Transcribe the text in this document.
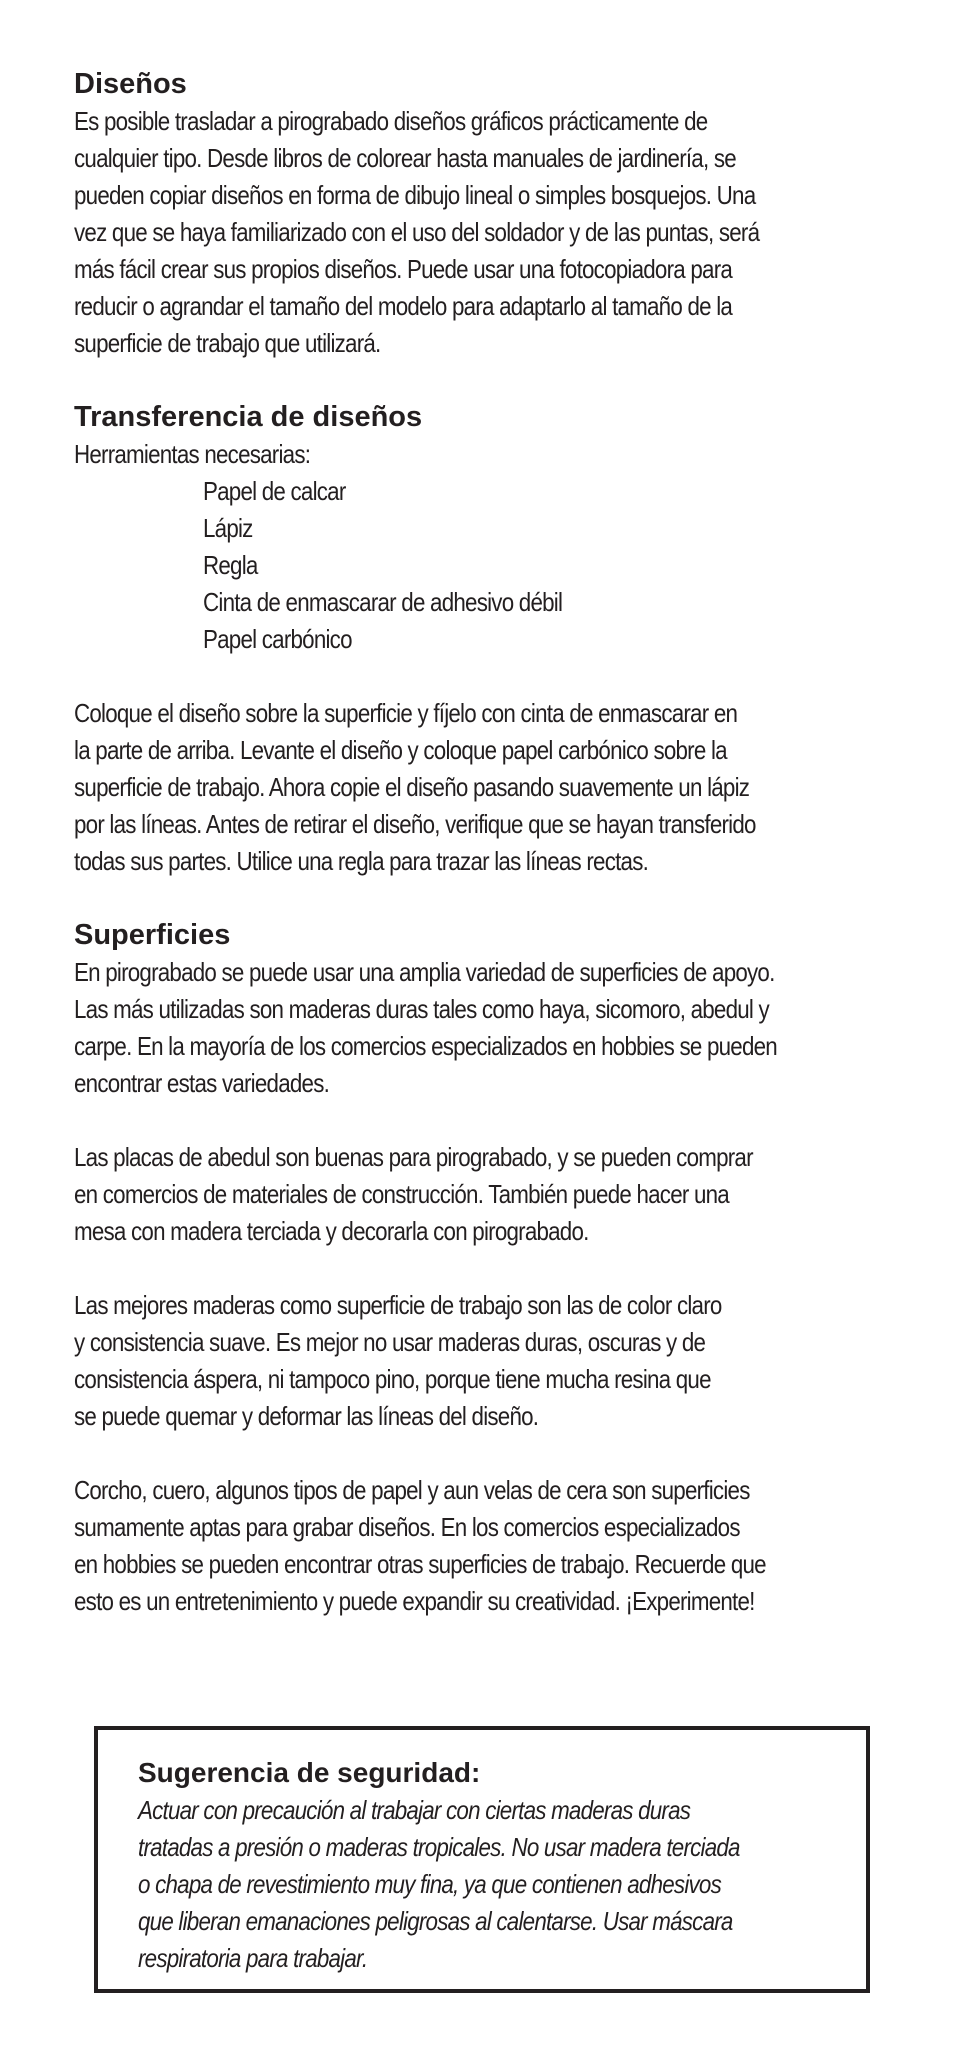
Diseños

Es posible trasladar a pirograbado diseños gráficos prácticamente de
cualquier tipo. Desde libros de colorear hasta manuales de jardinería, se
pueden copiar diseños en forma de dibujo lineal o simples bosquejos. Una
vez que se haya familiarizado con el uso del soldador y de las puntas, será
más fácil crear sus propios diseños. Puede usar una fotocopiadora para
reducir o agrandar el tamaño del modelo para adaptarlo al tamaño de la
superficie de trabajo que utilizará.

Transferencia de diseños

Herramientas necesarias:
Papel de calcar
Lápiz
Regla
Cinta de enmascarar de adhesivo débil
Papel carbónico

Coloque el diseño sobre la superficie y fíjelo con cinta de enmascarar en
la parte de arriba. Levante el diseño y coloque papel carbónico sobre la
superficie de trabajo. Ahora copie el diseño pasando suavemente un lápiz
por las líneas. Antes de retirar el diseño, verifique que se hayan transferido
todas sus partes. Utilice una regla para trazar las líneas rectas.

Superficies

En pirograbado se puede usar una amplia variedad de superficies de apoyo.
Las más utilizadas son maderas duras tales como haya, sicomoro, abedul y
carpe. En la mayoría de los comercios especializados en hobbies se pueden
encontrar estas variedades.

Las placas de abedul son buenas para pirograbado, y se pueden comprar
en comercios de materiales de construcción. También puede hacer una
mesa con madera terciada y decorarla con pirograbado.

Las mejores maderas como superficie de trabajo son las de color claro
y consistencia suave. Es mejor no usar maderas duras, oscuras y de
consistencia áspera, ni tampoco pino, porque tiene mucha resina que
se puede quemar y deformar las líneas del diseño.

Corcho, cuero, algunos tipos de papel y aun velas de cera son superficies
sumamente aptas para grabar diseños. En los comercios especializados
en hobbies se pueden encontrar otras superficies de trabajo. Recuerde que
esto es un entretenimiento y puede expandir su creatividad. ¡Experimente!

Sugerencia de seguridad:

Actuar con precaución al trabajar con ciertas maderas duras
tratadas a presión o maderas tropicales. No usar madera terciada
o chapa de revestimiento muy fina, ya que contienen adhesivos
que liberan emanaciones peligrosas al calentarse. Usar máscara
respiratoria para trabajar.
